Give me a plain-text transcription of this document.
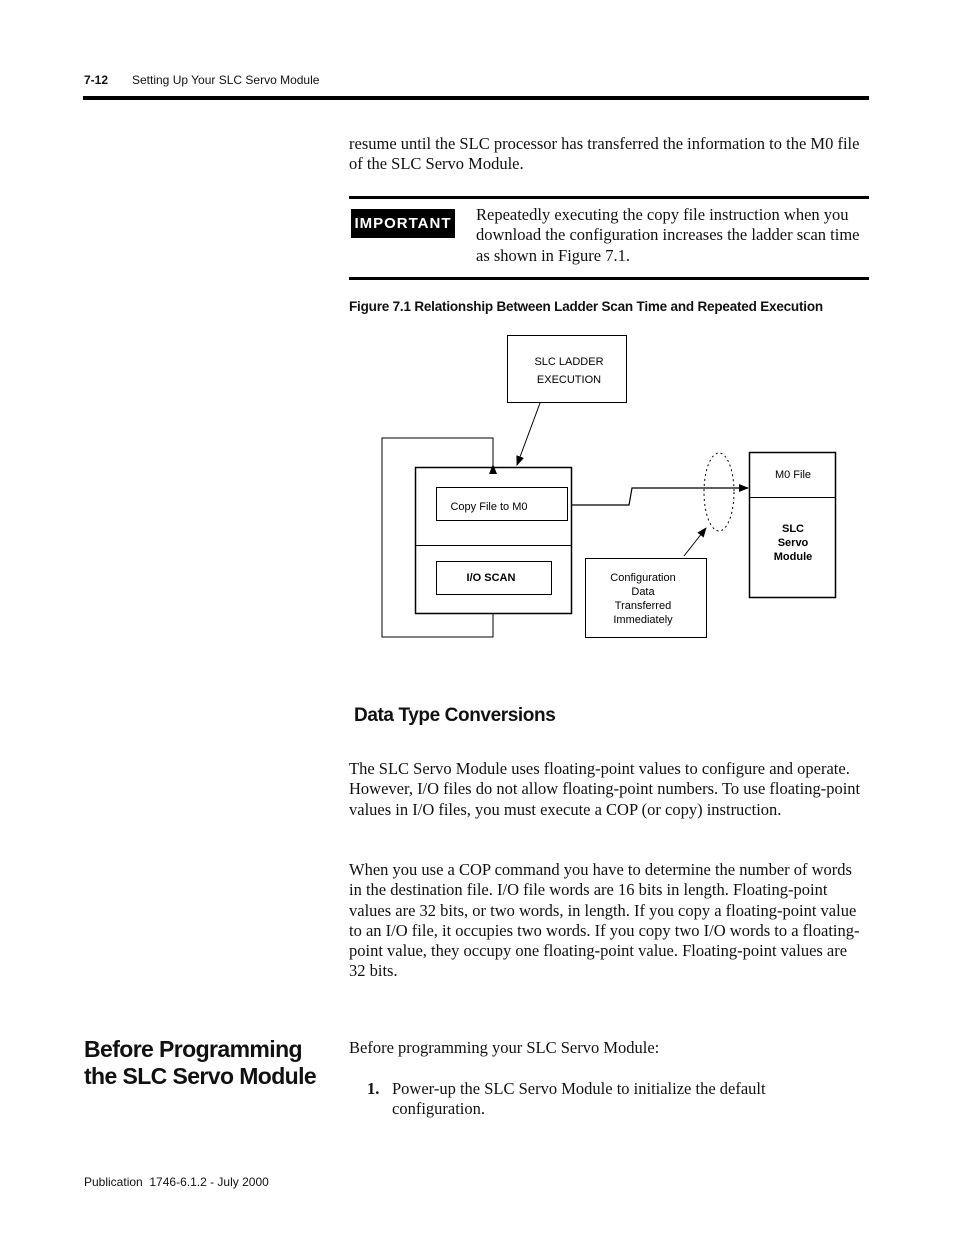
7-12 Setting Up Your SLC Servo Module
resume until the SLC processor has transferred the information to the M0 file of the SLC Servo Module.
IMPORTANT Repeatedly executing the copy file instruction when you download the configuration increases the ladder scan time as shown in Figure 7.1.
Figure 7.1 Relationship Between Ladder Scan Time and Repeated Execution
SLC LADDER
EXECUTION
Copy File to M0
I/O SCAN	Configuration
Data
Transferred
Immediately
M0 File
SLC
Servo
Module
Data Type Conversions
The SLC Servo Module uses floating-point values to configure and operate. However, I/O files do not allow floating-point numbers. To use floating-point values in I/O files, you must execute a COP (or copy) instruction.
When you use a COP command you have to determine the number of words in the destination file. I/O file words are 16 bits in length. Floating-point values are 32 bits, or two words, in length. If you copy a floating-point value to an I/O file, it occupies two words. If you copy two I/O words to a floating-point value, they occupy one floating-point value. Floating-point values are 32 bits.
Before Programming the SLC Servo Module
Before programming your SLC Servo Module:
1. Power-up the SLC Servo Module to initialize the default configuration.
Publication  1746-6.1.2 - July 2000
